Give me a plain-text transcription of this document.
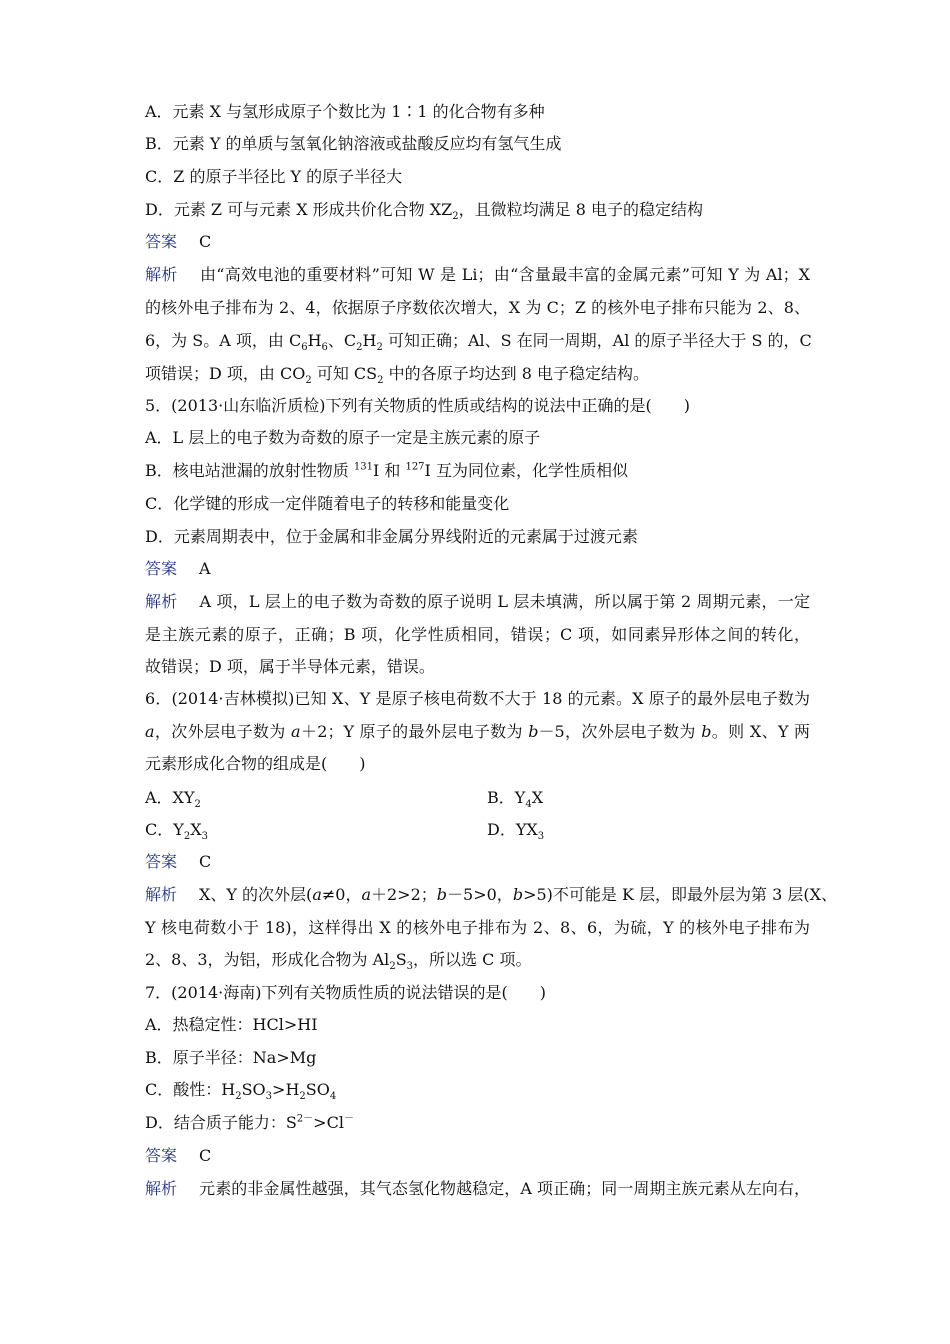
A．元素 X 与氢形成原子个数比为 1∶1 的化合物有多种
B．元素 Y 的单质与氢氧化钠溶液或盐酸反应均有氢气生成
C．Z 的原子半径比 Y 的原子半径大
D．元素 Z 可与元素 X 形成共价化合物 $XZ_2$，且微粒均满足 8 电子的稳定结构
答案 C
解析 由“高效电池的重要材料”可知 W 是 Li；由“含量最丰富的金属元素”可知 Y 为 Al；X
的核外电子排布为 2、4，依据原子序数依次增大，X 为 C；Z 的核外电子排布只能为 2、8、
6，为 S。A 项，由 $C_6H_6$、$C_2H_2$ 可知正确；Al、S 在同一周期，Al 的原子半径大于 S 的，C
项错误；D 项，由 $CO_2$ 可知 $CS_2$ 中的各原子均达到 8 电子稳定结构。
5．(2013·山东临沂质检)下列有关物质的性质或结构的说法中正确的是(　　)
A．L 层上的电子数为奇数的原子一定是主族元素的原子
B．核电站泄漏的放射性物质 $^{131}$I 和 $^{127}$I 互为同位素，化学性质相似
C．化学键的形成一定伴随着电子的转移和能量变化
D．元素周期表中，位于金属和非金属分界线附近的元素属于过渡元素
答案 A
解析 A 项，L 层上的电子数为奇数的原子说明 L 层未填满，所以属于第 2 周期元素，一定
是主族元素的原子，正确；B 项，化学性质相同，错误；C 项，如同素异形体之间的转化，
故错误；D 项，属于半导体元素，错误。
6．(2014·吉林模拟)已知 X、Y 是原子核电荷数不大于 18 的元素。X 原子的最外层电子数为
a，次外层电子数为 a＋2；Y 原子的最外层电子数为 b－5，次外层电子数为 b。则 X、Y 两
元素形成化合物的组成是(　　)
A．$XY_2$	B．$Y_4X$
C．$Y_2X_3$	D．$YX_3$
答案 C
解析 X、Y 的次外层(a≠0，a＋2>2；b－5>0，b>5)不可能是 K 层，即最外层为第 3 层(X、
Y 核电荷数小于 18)，这样得出 X 的核外电子排布为 2、8、6，为硫，Y 的核外电子排布为
2、8、3，为铝，形成化合物为 $Al_2S_3$，所以选 C 项。
7．(2014·海南)下列有关物质性质的说法错误的是(　　)
A．热稳定性：HCl>HI
B．原子半径：Na>Mg
C．酸性：$H_2SO_3>H_2SO_4$
D．结合质子能力：$S^{2-}>Cl^-$
答案 C
解析 元素的非金属性越强，其气态氢化物越稳定，A 项正确；同一周期主族元素从左向右，
